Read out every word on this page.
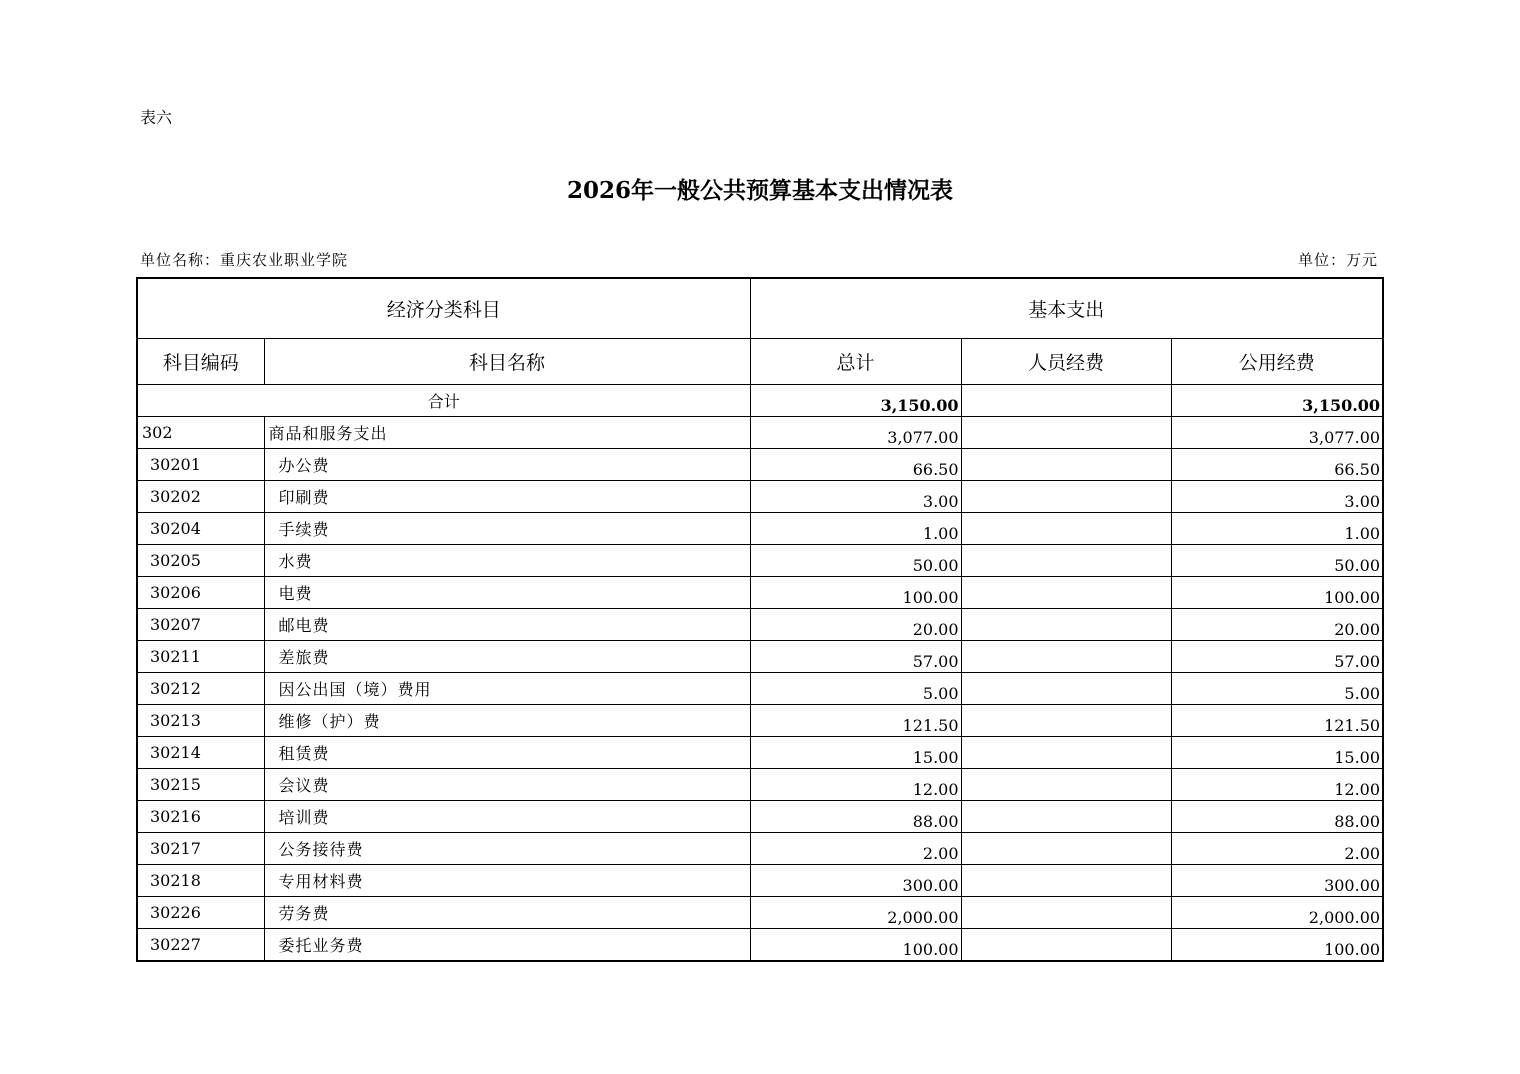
表六
2026年一般公共预算基本支出情况表
单位名称：重庆农业职业学院	单位：万元
经济分类科目		基本支出		
科目编码	科目名称	总计	人员经费	公用经费
合计		3,150.00		3,150.00
302	商品和服务支出	3,077.00		3,077.00
30201	办公费	66.50		66.50
30202	印刷费	3.00		3.00
30204	手续费	1.00		1.00
30205	水费	50.00		50.00
30206	电费	100.00		100.00
30207	邮电费	20.00		20.00
30211	差旅费	57.00		57.00
30212	因公出国（境）费用	5.00		5.00
30213	维修（护）费	121.50		121.50
30214	租赁费	15.00		15.00
30215	会议费	12.00		12.00
30216	培训费	88.00		88.00
30217	公务接待费	2.00		2.00
30218	专用材料费	300.00		300.00
30226	劳务费	2,000.00		2,000.00
30227	委托业务费	100.00		100.00
